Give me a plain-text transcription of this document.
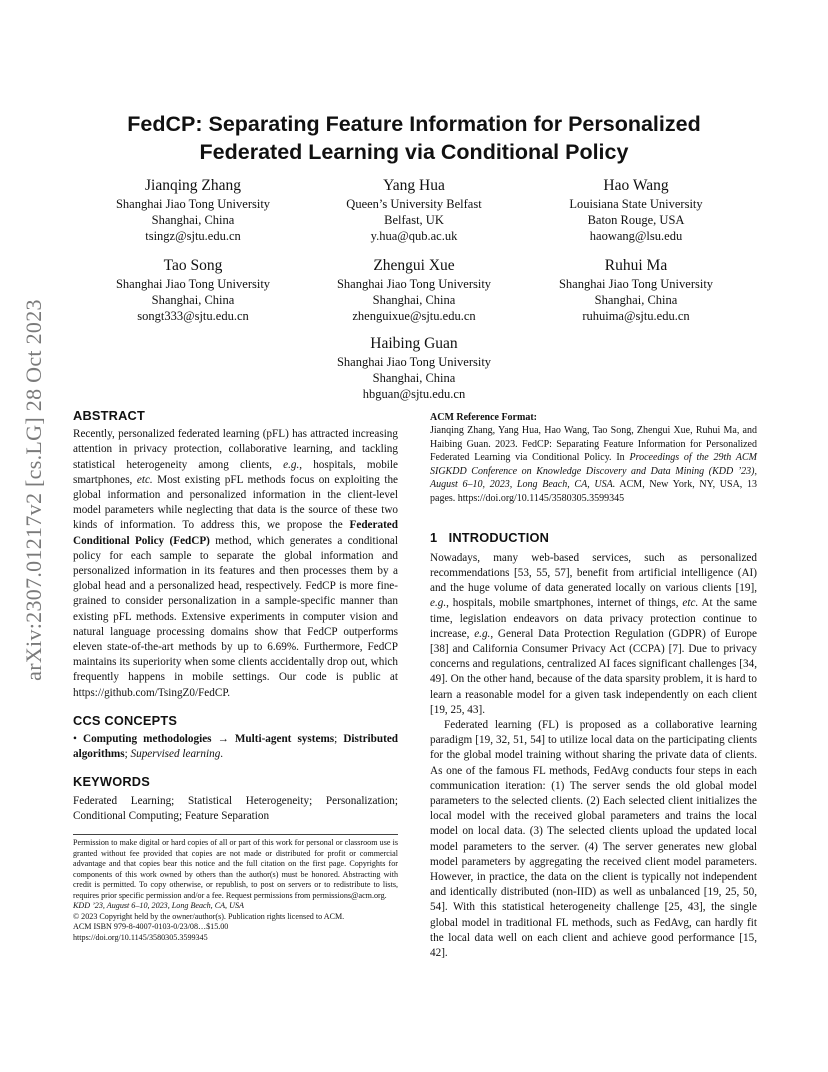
arXiv:2307.01217v2 [cs.LG] 28 Oct 2023
FedCP: Separating Feature Information for Personalized Federated Learning via Conditional Policy
Jianqing Zhang
Shanghai Jiao Tong University
Shanghai, China
tsingz@sjtu.edu.cn
Yang Hua
Queen’s University Belfast
Belfast, UK
y.hua@qub.ac.uk
Hao Wang
Louisiana State University
Baton Rouge, USA
haowang@lsu.edu
Tao Song
Shanghai Jiao Tong University
Shanghai, China
songt333@sjtu.edu.cn
Zhengui Xue
Shanghai Jiao Tong University
Shanghai, China
zhenguixue@sjtu.edu.cn
Ruhui Ma
Shanghai Jiao Tong University
Shanghai, China
ruhuima@sjtu.edu.cn
Haibing Guan
Shanghai Jiao Tong University
Shanghai, China
hbguan@sjtu.edu.cn
ABSTRACT

Recently, personalized federated learning (pFL) has attracted increasing attention in privacy protection, collaborative learning, and tackling statistical heterogeneity among clients, e.g., hospitals, mobile smartphones, etc. Most existing pFL methods focus on exploiting the global information and personalized information in the client-level model parameters while neglecting that data is the source of these two kinds of information. To address this, we propose the Federated Conditional Policy (FedCP) method, which generates a conditional policy for each sample to separate the global information and personalized information in its features and then processes them by a global head and a personalized head, respectively. FedCP is more fine-grained to consider personalization in a sample-specific manner than existing pFL methods. Extensive experiments in computer vision and natural language processing domains show that FedCP outperforms eleven state-of-the-art methods by up to 6.69%. Furthermore, FedCP maintains its superiority when some clients accidentally drop out, which frequently happens in mobile settings. Our code is public at https://github.com/TsingZ0/FedCP.

CCS CONCEPTS

• Computing methodologies → Multi-agent systems; Distributed algorithms; Supervised learning.

KEYWORDS

Federated Learning; Statistical Heterogeneity; Personalization; Conditional Computing; Feature Separation

Permission to make digital or hard copies of all or part of this work for personal or classroom use is granted without fee provided that copies are not made or distributed for profit or commercial advantage and that copies bear this notice and the full citation on the first page. Copyrights for components of this work owned by others than the author(s) must be honored. Abstracting with credit is permitted. To copy otherwise, or republish, to post on servers or to redistribute to lists, requires prior specific permission and/or a fee. Request permissions from permissions@acm.org.

KDD ’23, August 6–10, 2023, Long Beach, CA, USA

© 2023 Copyright held by the owner/author(s). Publication rights licensed to ACM.

ACM ISBN 979-8-4007-0103-0/23/08…$15.00

https://doi.org/10.1145/3580305.3599345

ACM Reference Format:

Jianqing Zhang, Yang Hua, Hao Wang, Tao Song, Zhengui Xue, Ruhui Ma, and Haibing Guan. 2023. FedCP: Separating Feature Information for Personalized Federated Learning via Conditional Policy. In Proceedings of the 29th ACM SIGKDD Conference on Knowledge Discovery and Data Mining (KDD ’23), August 6–10, 2023, Long Beach, CA, USA. ACM, New York, NY, USA, 13 pages. https://doi.org/10.1145/3580305.3599345

1   INTRODUCTION

Nowadays, many web-based services, such as personalized recommendations [53, 55, 57], benefit from artificial intelligence (AI) and the huge volume of data generated locally on various clients [19], e.g., hospitals, mobile smartphones, internet of things, etc. At the same time, legislation endeavors on data privacy protection continue to increase, e.g., General Data Protection Regulation (GDPR) of Europe [38] and California Consumer Privacy Act (CCPA) [7]. Due to privacy concerns and regulations, centralized AI faces significant challenges [34, 49]. On the other hand, because of the data sparsity problem, it is hard to learn a reasonable model for a given task independently on each client [19, 25, 43].

Federated learning (FL) is proposed as a collaborative learning paradigm [19, 32, 51, 54] to utilize local data on the participating clients for the global model training without sharing the private data of clients. As one of the famous FL methods, FedAvg conducts four steps in each communication iteration: (1) The server sends the old global model parameters to the selected clients. (2) Each selected client initializes the local model with the received global parameters and trains the local model on local data. (3) The selected clients upload the updated local model parameters to the server. (4) The server generates new global model parameters by aggregating the received client model parameters. However, in practice, the data on the client is typically not independent and identically distributed (non-IID) as well as unbalanced [19, 25, 50, 54]. With this statistical heterogeneity challenge [25, 43], the single global model in traditional FL methods, such as FedAvg, can hardly fit the local data well on each client and achieve good performance [15, 42].
